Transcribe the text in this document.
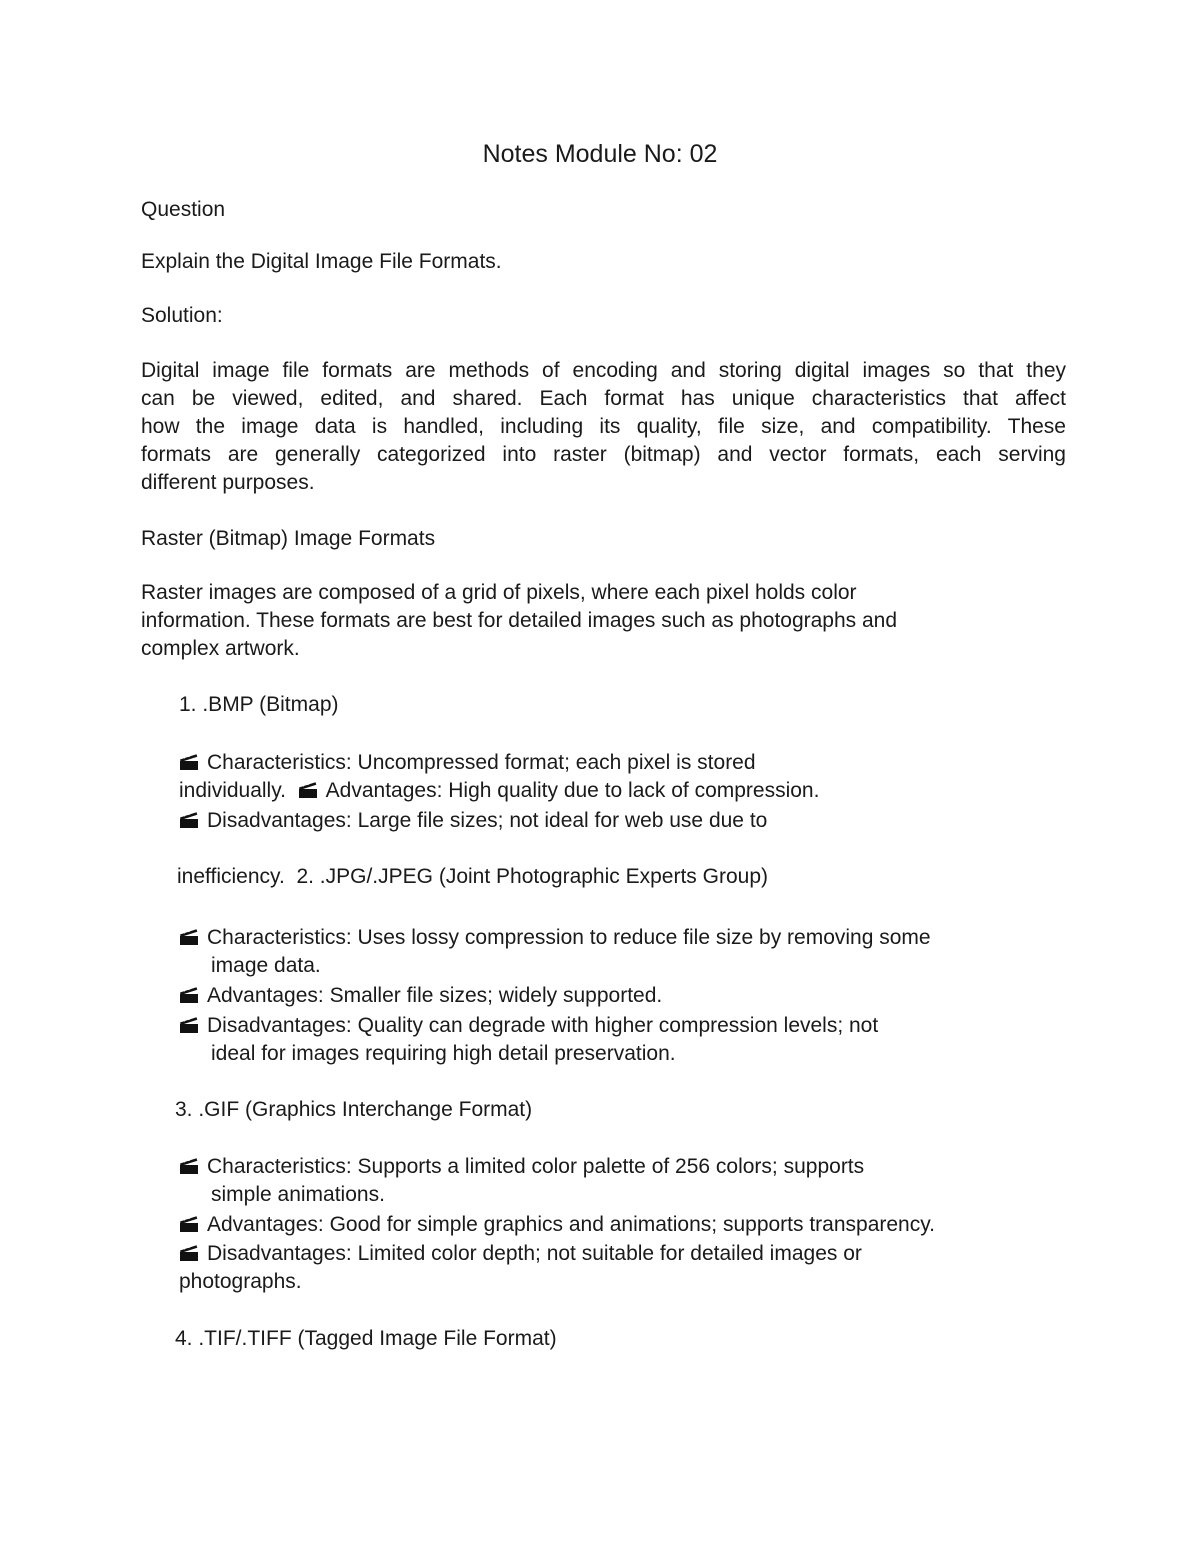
Notes Module No: 02
Question
Explain the Digital Image File Formats.
Solution:
Digital image file formats are methods of encoding and storing digital images so that they
can be viewed, edited, and shared. Each format has unique characteristics that affect
how the image data is handled, including its quality, file size, and compatibility. These
formats are generally categorized into raster (bitmap) and vector formats, each serving
different purposes.
Raster (Bitmap) Image Formats
Raster images are composed of a grid of pixels, where each pixel holds color
information. These formats are best for detailed images such as photographs and
complex artwork.
1. .BMP (Bitmap)
Characteristics: Uncompressed format; each pixel is stored
individually. Advantages: High quality due to lack of compression.
Disadvantages: Large file sizes; not ideal for web use due to
inefficiency. 2. .JPG/.JPEG (Joint Photographic Experts Group)
Characteristics: Uses lossy compression to reduce file size by removing some
image data.
Advantages: Smaller file sizes; widely supported.
Disadvantages: Quality can degrade with higher compression levels; not
ideal for images requiring high detail preservation.
3. .GIF (Graphics Interchange Format)
Characteristics: Supports a limited color palette of 256 colors; supports
simple animations.
Advantages: Good for simple graphics and animations; supports transparency.
Disadvantages: Limited color depth; not suitable for detailed images or
photographs.
4. .TIF/.TIFF (Tagged Image File Format)
